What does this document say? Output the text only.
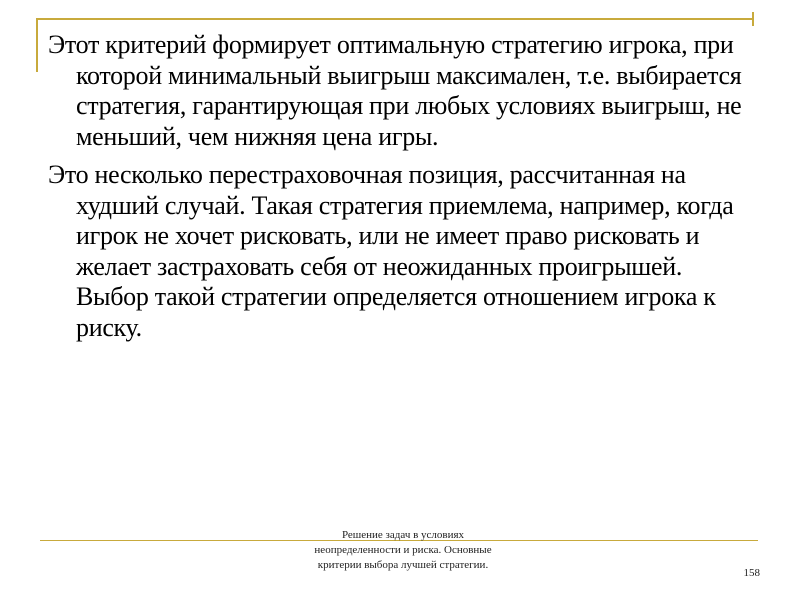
Этот критерий формирует оптимальную стратегию игрока, при которой минимальный выигрыш максимален, т.е. выбирается стратегия, гарантирующая при любых условиях выигрыш, не меньший, чем нижняя цена игры.

Это несколько перестраховочная позиция, рассчитанная на худший случай. Такая стратегия приемлема, например, когда игрок не хочет рисковать, или не имеет право рисковать и желает застраховать себя от неожиданных проигрышей. Выбор такой стратегии определяется отношением игрока к риску.

Решение задач в условиях
неопределенности и риска. Основные
критерии выбора лучшей стратегии.
158
